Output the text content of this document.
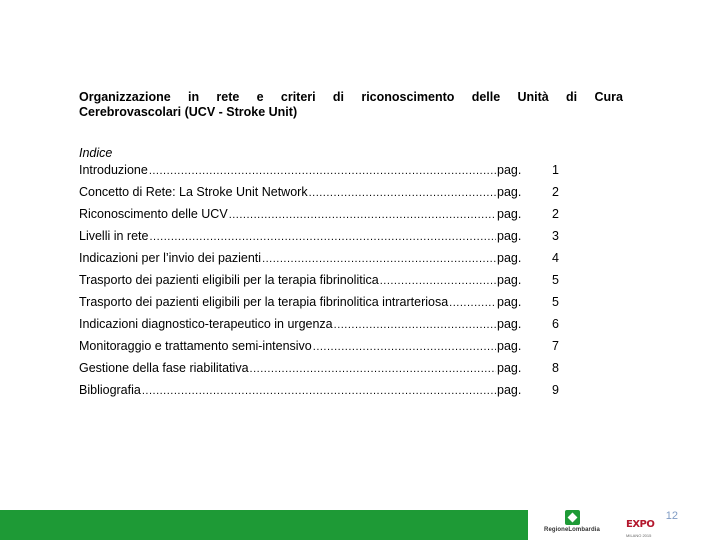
Organizzazione in rete e criteri di riconoscimento delle Unità di Cura
Cerebrovascolari (UCV - Stroke Unit)
Indice
Introduzione .....	pag.	1
Concetto di Rete: La Stroke Unit Network .....	pag.	2
Riconoscimento delle UCV .....	pag.	2
Livelli in rete .....	pag.	3
Indicazioni per l’invio dei pazienti .....	pag.	4
Trasporto dei pazienti eligibili per la terapia fibrinolitica .....	pag.	5
Trasporto dei pazienti eligibili per la terapia fibrinolitica intrarteriosa .....	pag.	5
Indicazioni diagnostico-terapeutico in urgenza .....	pag.	6
Monitoraggio e trattamento semi-intensivo .....	pag.	7
Gestione della fase riabilitativa .....	pag.	8
Bibliografia .....	pag.	9
RegioneLombardia	EXPO
MILANO 2015
12
